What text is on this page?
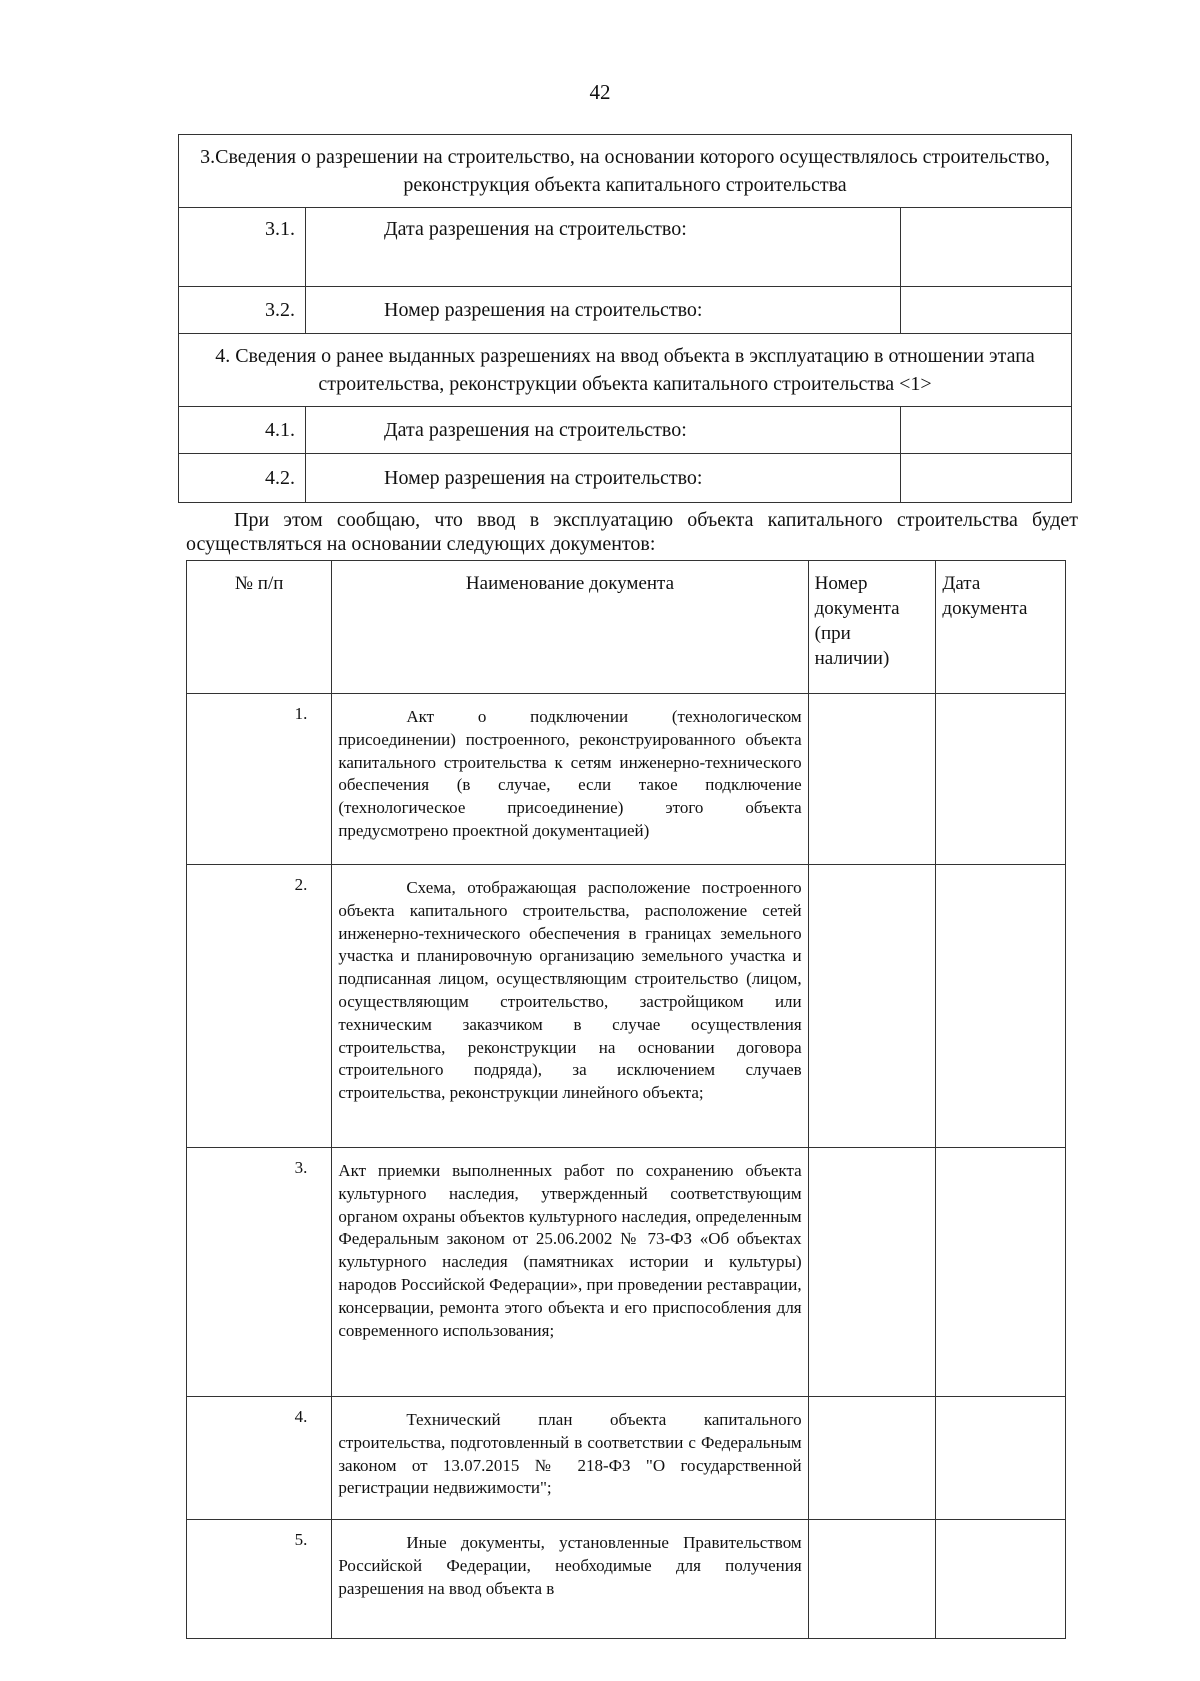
42
3.Сведения о разрешении на строительство, на основании которого осуществлялось строительство, реконструкция объекта капитального строительства		
3.1.	Дата разрешения на строительство:	
3.2.	Номер разрешения на строительство:	
4. Сведения о ранее выданных разрешениях на ввод объекта в эксплуатацию в отношении этапа строительства, реконструкции объекта капитального строительства <1>		
4.1.	Дата разрешения на строительство:	
4.2.	Номер разрешения на строительство:	
При этом сообщаю, что ввод в эксплуатацию объекта капитального строительства будет осуществляться на основании следующих документов:
№ п/п	Наименование документа	Номер документа (при наличии)	Дата документа
1.	Акт о подключении (технологическом присоединении) построенного, реконструированного объекта капитального строительства к сетям инженерно-технического обеспечения (в случае, если такое подключение (технологическое присоединение) этого объекта предусмотрено проектной документацией)		

2.	Схема, отображающая расположение построенного объекта капитального строительства, расположение сетей инженерно-технического обеспечения в границах земельного участка и планировочную организацию земельного участка и подписанная лицом, осуществляющим строительство (лицом, осуществляющим строительство, застройщиком или техническим заказчиком в случае осуществления строительства, реконструкции на основании договора строительного подряда), за исключением случаев строительства, реконструкции линейного объекта;		

3.	Акт приемки выполненных работ по сохранению объекта культурного наследия, утвержденный соответствующим органом охраны объектов культурного наследия, определенным Федеральным законом от 25.06.2002 № 73-ФЗ «Об объектах культурного наследия (памятниках истории и культуры) народов Российской Федерации», при проведении реставрации, консервации, ремонта этого объекта и его приспособления для современного использования;		

4.	Технический план объекта капитального строительства, подготовленный в соответствии с Федеральным законом от 13.07.2015 № 218-ФЗ "О государственной регистрации недвижимости";		

5.	Иные документы, установленные Правительством Российской Федерации, необходимые для получения разрешения на ввод объекта в		
